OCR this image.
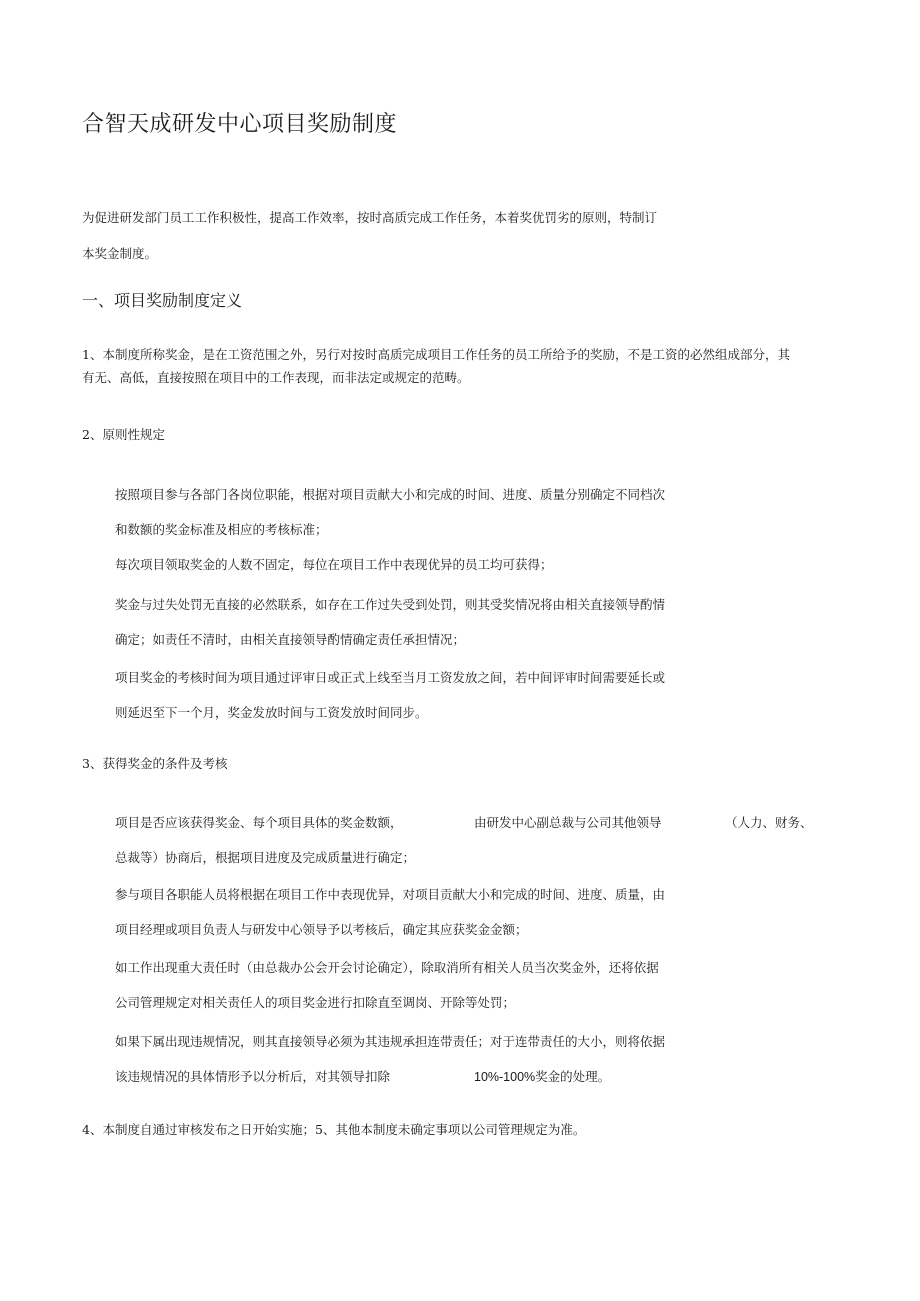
合智天成研发中心项目奖励制度
为促进研发部门员工工作积极性，提高工作效率，按时高质完成工作任务，本着奖优罚劣的原则，特制订
本奖金制度。
一、项目奖励制度定义
1、本制度所称奖金，是在工资范围之外，另行对按时高质完成项目工作任务的员工所给予的奖励，不是工资的必然组成部分，其
有无、高低，直接按照在项目中的工作表现，而非法定或规定的范畴。
2、原则性规定
按照项目参与各部门各岗位职能，根据对项目贡献大小和完成的时间、进度、质量分别确定不同档次
和数额的奖金标准及相应的考核标准；
每次项目领取奖金的人数不固定，每位在项目工作中表现优异的员工均可获得；
奖金与过失处罚无直接的必然联系，如存在工作过失受到处罚，则其受奖情况将由相关直接领导酌情
确定；如责任不清时，由相关直接领导酌情确定责任承担情况；
项目奖金的考核时间为项目通过评审日或正式上线至当月工资发放之间，若中间评审时间需要延长或
则延迟至下一个月，奖金发放时间与工资发放时间同步。
3、获得奖金的条件及考核
项目是否应该获得奖金、每个项目具体的奖金数额，	由研发中心副总裁与公司其他领导	（人力、财务、
总裁等）协商后，根据项目进度及完成质量进行确定；
参与项目各职能人员将根据在项目工作中表现优异，对项目贡献大小和完成的时间、进度、质量，由
项目经理或项目负责人与研发中心领导予以考核后，确定其应获奖金金额；
如工作出现重大责任时（由总裁办公会开会讨论确定），除取消所有相关人员当次奖金外，还将依据
公司管理规定对相关责任人的项目奖金进行扣除直至调岗、开除等处罚；
如果下属出现违规情况，则其直接领导必须为其违规承担连带责任；对于连带责任的大小，则将依据
该违规情况的具体情形予以分析后，对其领导扣除	10%-100%奖金的处理。
4、本制度自通过审核发布之日开始实施；5、其他本制度未确定事项以公司管理规定为准。
